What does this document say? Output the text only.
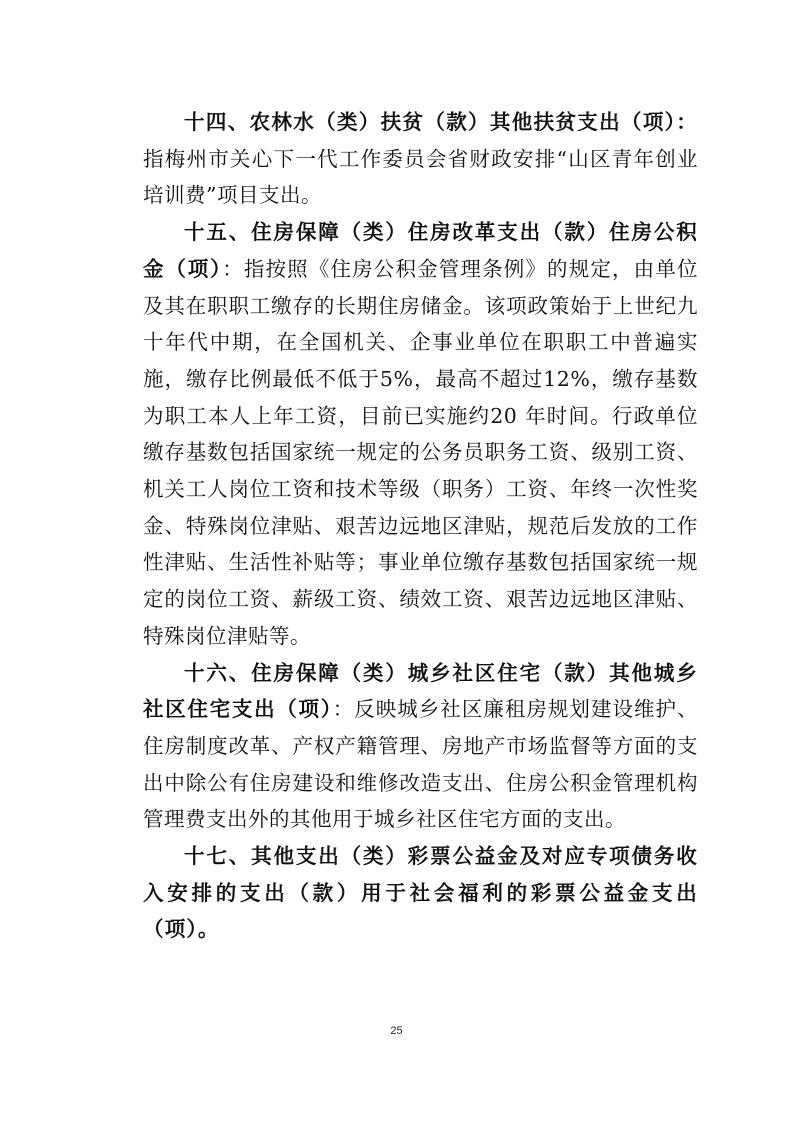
十四、农林水（类）扶贫（款）其他扶贫支出（项）：指梅州市关心下一代工作委员会省财政安排“山区青年创业培训费”项目支出。

十五、住房保障（类）住房改革支出（款）住房公积金（项）：指按照《住房公积金管理条例》的规定，由单位及其在职职工缴存的长期住房储金。该项政策始于上世纪九十年代中期，在全国机关、企事业单位在职职工中普遍实施，缴存比例最低不低于5%，最高不超过12%，缴存基数为职工本人上年工资，目前已实施约20 年时间。行政单位缴存基数包括国家统一规定的公务员职务工资、级别工资、机关工人岗位工资和技术等级（职务）工资、年终一次性奖金、特殊岗位津贴、艰苦边远地区津贴，规范后发放的工作性津贴、生活性补贴等；事业单位缴存基数包括国家统一规定的岗位工资、薪级工资、绩效工资、艰苦边远地区津贴、特殊岗位津贴等。

十六、住房保障（类）城乡社区住宅（款）其他城乡社区住宅支出（项）：反映城乡社区廉租房规划建设维护、住房制度改革、产权产籍管理、房地产市场监督等方面的支出中除公有住房建设和维修改造支出、住房公积金管理机构管理费支出外的其他用于城乡社区住宅方面的支出。

十七、其他支出（类）彩票公益金及对应专项债务收入安排的支出（款）用于社会福利的彩票公益金支出（项）。

25
